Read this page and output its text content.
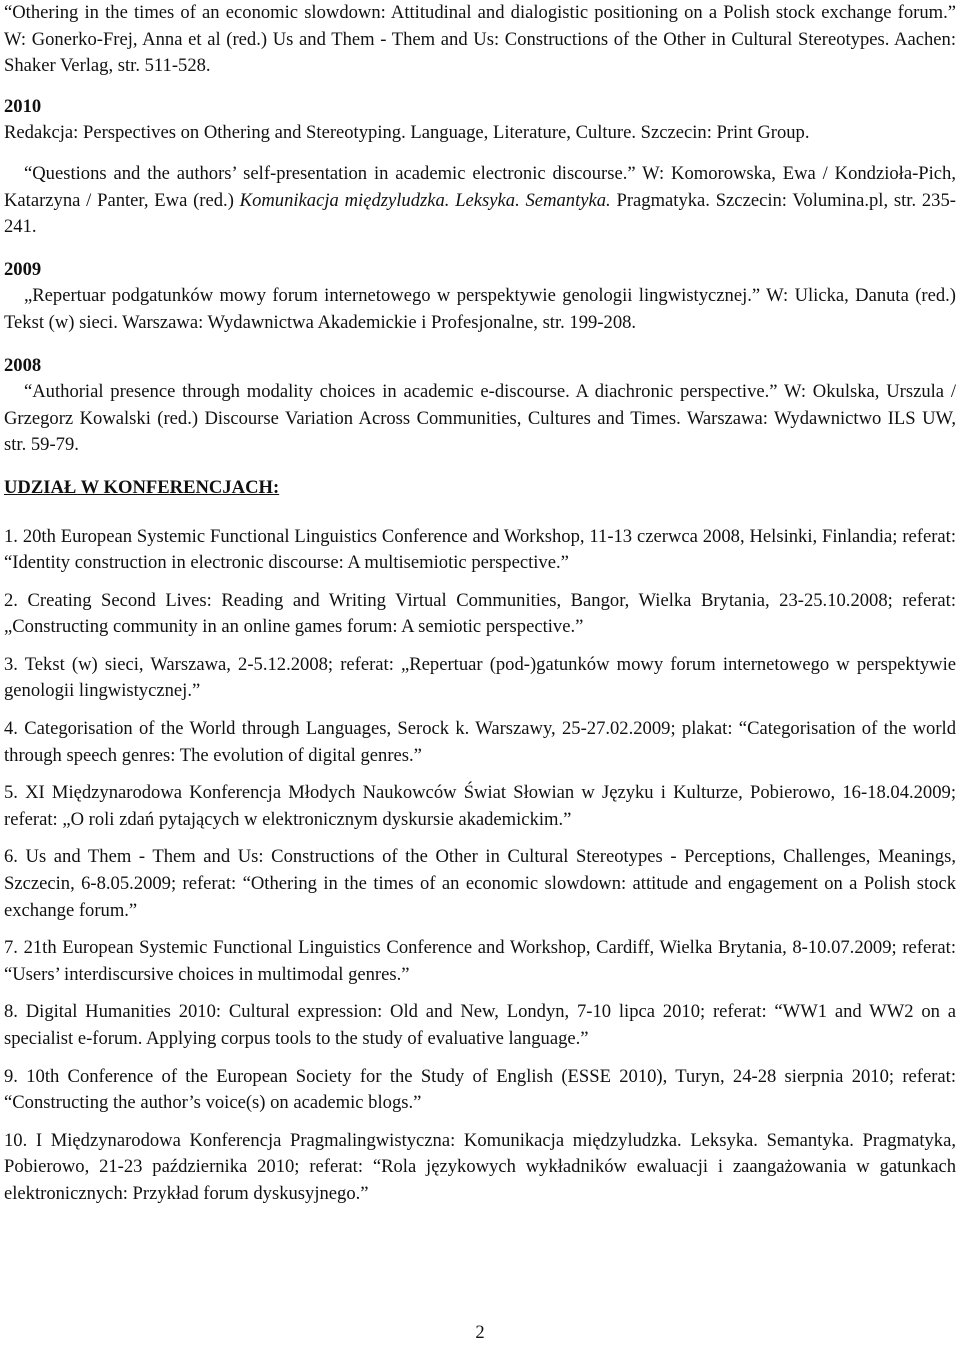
“Othering in the times of an economic slowdown: Attitudinal and dialogistic positioning on a Polish stock exchange forum.” W: Gonerko-Frej, Anna et al (red.) Us and Them - Them and Us: Constructions of the Other in Cultural Stereotypes. Aachen: Shaker Verlag, str. 511-528.

2010

Redakcja: Perspectives on Othering and Stereotyping. Language, Literature, Culture. Szczecin: Print Group.

“Questions and the authors’ self-presentation in academic electronic discourse.” W: Komorowska, Ewa / Kondzioła-Pich, Katarzyna / Panter, Ewa (red.) Komunikacja międzyludzka. Leksyka. Semantyka. Pragmatyka. Szczecin: Volumina.pl, str. 235-241.

2009

„Repertuar podgatunków mowy forum internetowego w perspektywie genologii lingwistycznej.” W: Ulicka, Danuta (red.) Tekst (w) sieci. Warszawa: Wydawnictwa Akademickie i Profesjonalne, str. 199-208.

2008

“Authorial presence through modality choices in academic e-discourse. A diachronic perspective.” W: Okulska, Urszula / Grzegorz Kowalski (red.) Discourse Variation Across Communities, Cultures and Times. Warszawa: Wydawnictwo ILS UW, str. 59-79.

UDZIAŁ W KONFERENCJACH:

1. 20th European Systemic Functional Linguistics Conference and Workshop, 11-13 czerwca 2008, Helsinki, Finlandia; referat: “Identity construction in electronic discourse: A multisemiotic perspective.”

2. Creating Second Lives: Reading and Writing Virtual Communities, Bangor, Wielka Brytania, 23-25.10.2008; referat: „Constructing community in an online games forum: A semiotic perspective.”

3. Tekst (w) sieci, Warszawa, 2-5.12.2008; referat: „Repertuar (pod-)gatunków mowy forum internetowego w perspektywie genologii lingwistycznej.”

4. Categorisation of the World through Languages, Serock k. Warszawy, 25-27.02.2009; plakat: “Categorisation of the world through speech genres: The evolution of digital genres.”

5. XI Międzynarodowa Konferencja Młodych Naukowców Świat Słowian w Języku i Kulturze, Pobierowo, 16-18.04.2009; referat: „O roli zdań pytających w elektronicznym dyskursie akademickim.”

6. Us and Them - Them and Us: Constructions of the Other in Cultural Stereotypes - Perceptions, Challenges, Meanings, Szczecin, 6-8.05.2009; referat: “Othering in the times of an economic slowdown: attitude and engagement on a Polish stock exchange forum.”

7. 21th European Systemic Functional Linguistics Conference and Workshop, Cardiff, Wielka Brytania, 8-10.07.2009; referat: “Users’ interdiscursive choices in multimodal genres.”

8. Digital Humanities 2010: Cultural expression: Old and New, Londyn, 7-10 lipca 2010; referat: “WW1 and WW2 on a specialist e-forum. Applying corpus tools to the study of evaluative language.”

9. 10th Conference of the European Society for the Study of English (ESSE 2010), Turyn, 24-28 sierpnia 2010; referat: “Constructing the author’s voice(s) on academic blogs.”

10. I Międzynarodowa Konferencja Pragmalingwistyczna: Komunikacja międzyludzka. Leksyka. Semantyka. Pragmatyka, Pobierowo, 21-23 października 2010; referat: “Rola językowych wykładników ewaluacji i zaangażowania w gatunkach elektronicznych: Przykład forum dyskusyjnego.”

2
